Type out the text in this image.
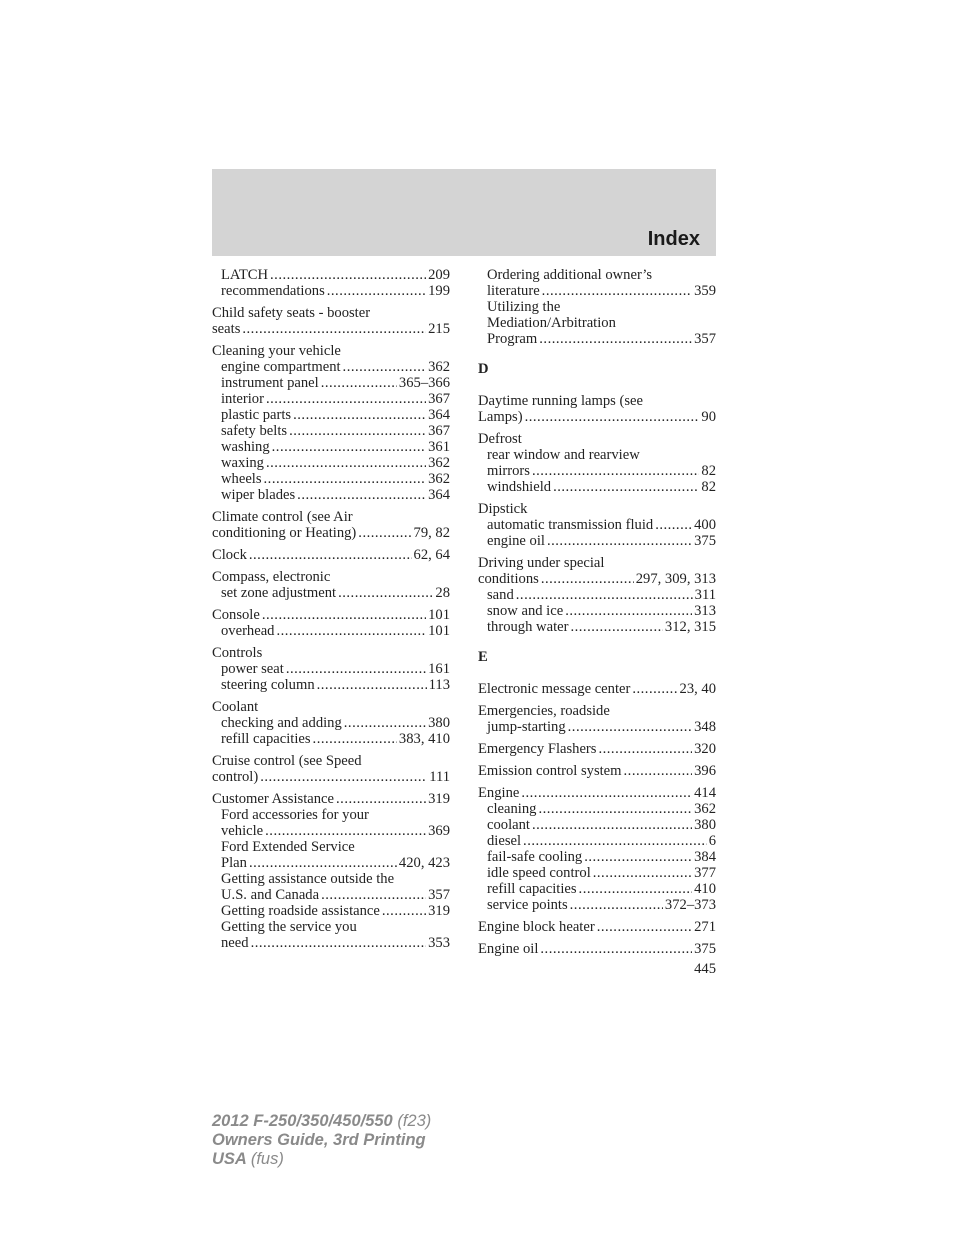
Index
LATCH .....	209
recommendations .....	199
Child safety seats - booster
seats .....	215
Cleaning your vehicle
engine compartment .....	362
instrument panel .....	365–366
interior .....	367
plastic parts .....	364
safety belts .....	367
washing .....	361
waxing .....	362
wheels .....	362
wiper blades .....	364
Climate control (see Air
conditioning or Heating) .....	79, 82
Clock .....	62, 64
Compass, electronic
set zone adjustment .....	28
Console .....	101
overhead .....	101
Controls
power seat .....	161
steering column .....	113
Coolant
checking and adding .....	380
refill capacities .....	383, 410
Cruise control (see Speed
control) .....	111
Customer Assistance .....	319
Ford accessories for your
vehicle .....	369
Ford Extended Service
Plan .....	420, 423
Getting assistance outside the
U.S. and Canada .....	357
Getting roadside assistance .....	319
Getting the service you
need .....	353
Ordering additional owner’s
literature .....	359
Utilizing the
Mediation/Arbitration
Program .....	357
D
Daytime running lamps (see
Lamps) .....	90
Defrost
rear window and rearview
mirrors .....	82
windshield .....	82
Dipstick
automatic transmission fluid .....	400
engine oil .....	375
Driving under special
conditions .....	297, 309, 313
sand .....	311
snow and ice .....	313
through water .....	312, 315
E
Electronic message center .....	23, 40
Emergencies, roadside
jump-starting .....	348
Emergency Flashers .....	320
Emission control system .....	396
Engine .....	414
cleaning .....	362
coolant .....	380
diesel .....	6
fail-safe cooling .....	384
idle speed control .....	377
refill capacities .....	410
service points .....	372–373
Engine block heater .....	271
Engine oil .....	375
445
2012 F-250/350/450/550 (f23)
Owners Guide, 3rd Printing
USA (fus)
